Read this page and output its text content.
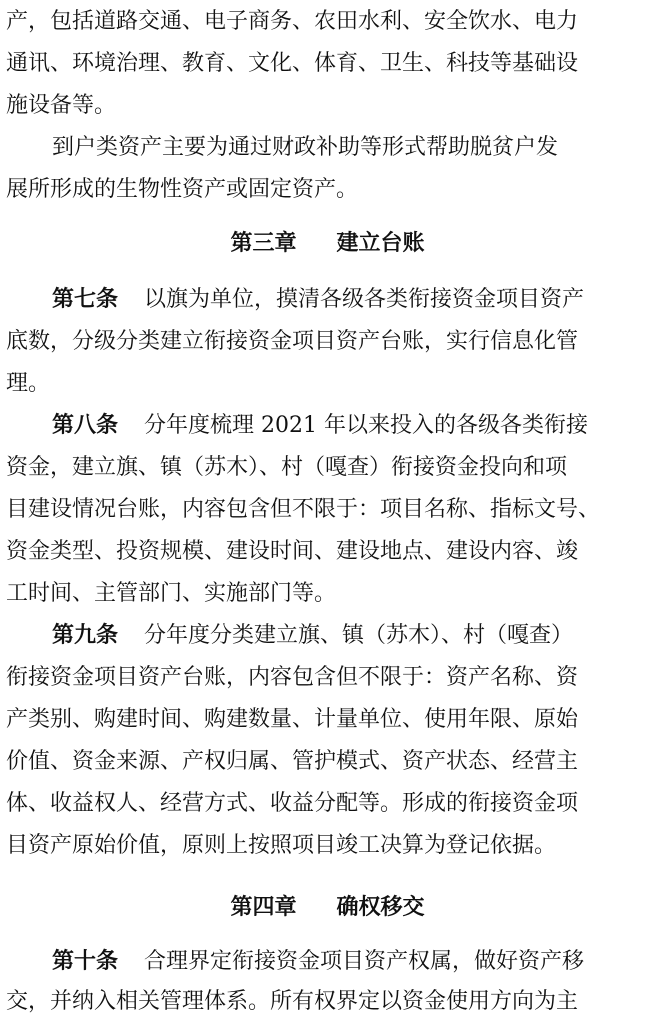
产，包括道路交通、电子商务、农田水利、安全饮水、电力
通讯、环境治理、教育、文化、体育、卫生、科技等基础设
施设备等。
到户类资产主要为通过财政补助等形式帮助脱贫户发
展所形成的生物性资产或固定资产。
第三章 建立台账
第七条 以旗为单位，摸清各级各类衔接资金项目资产
底数，分级分类建立衔接资金项目资产台账，实行信息化管
理。
第八条 分年度梳理 2021 年以来投入的各级各类衔接
资金，建立旗、镇（苏木）、村（嘎查）衔接资金投向和项
目建设情况台账，内容包含但不限于：项目名称、指标文号、
资金类型、投资规模、建设时间、建设地点、建设内容、竣
工时间、主管部门、实施部门等。
第九条 分年度分类建立旗、镇（苏木）、村（嘎查）
衔接资金项目资产台账，内容包含但不限于：资产名称、资
产类别、购建时间、购建数量、计量单位、使用年限、原始
价值、资金来源、产权归属、管护模式、资产状态、经营主
体、收益权人、经营方式、收益分配等。形成的衔接资金项
目资产原始价值，原则上按照项目竣工决算为登记依据。
第四章 确权移交
第十条 合理界定衔接资金项目资产权属，做好资产移
交，并纳入相关管理体系。所有权界定以资金使用方向为主
